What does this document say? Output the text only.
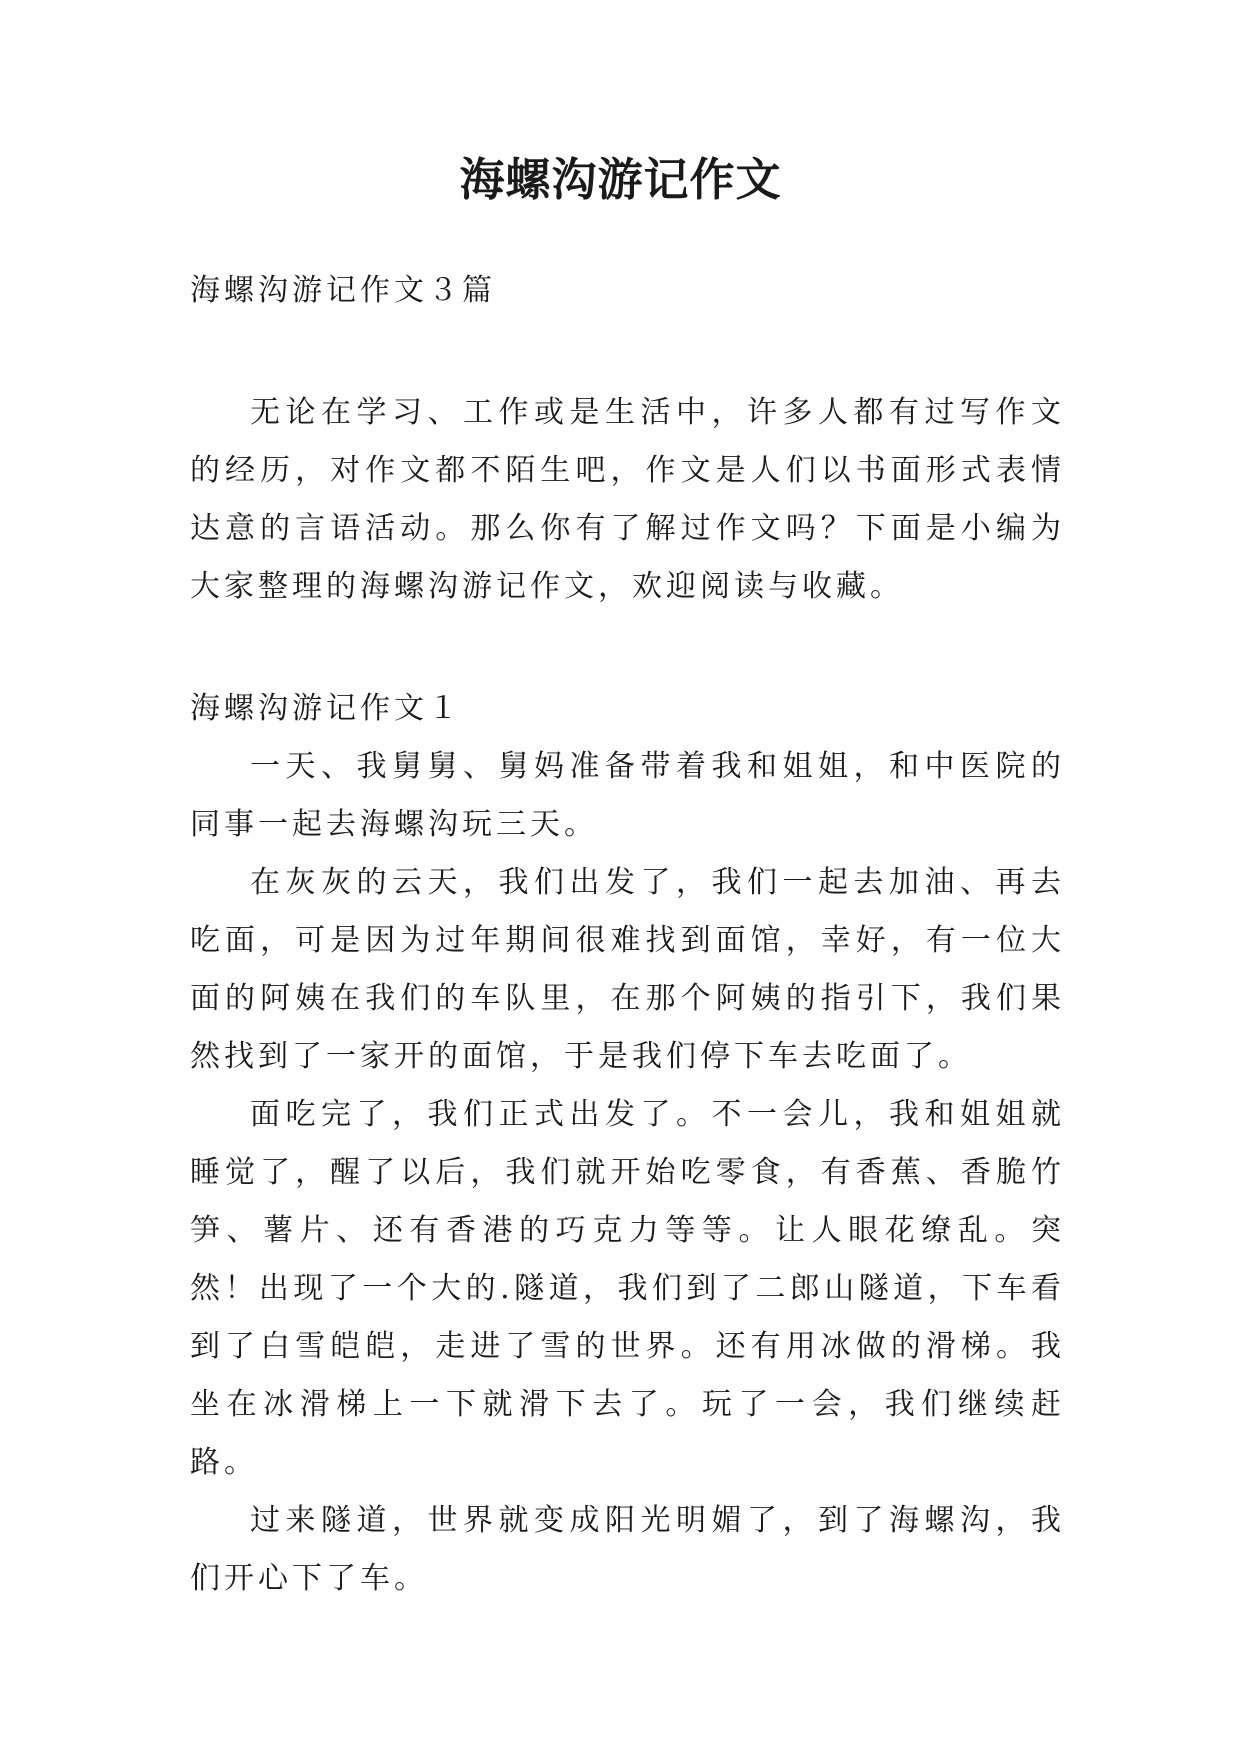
海螺沟游记作文

海螺沟游记作文３篇

无论在学习、工作或是生活中，许多人都有过写作文的经历，对作文都不陌生吧，作文是人们以书面形式表情达意的言语活动。那么你有了解过作文吗？下面是小编为大家整理的海螺沟游记作文，欢迎阅读与收藏。

海螺沟游记作文１

一天、我舅舅、舅妈准备带着我和姐姐，和中医院的同事一起去海螺沟玩三天。

在灰灰的云天，我们出发了，我们一起去加油、再去吃面，可是因为过年期间很难找到面馆，幸好，有一位大面的阿姨在我们的车队里，在那个阿姨的指引下，我们果然找到了一家开的面馆，于是我们停下车去吃面了。

面吃完了，我们正式出发了。不一会儿，我和姐姐就睡觉了，醒了以后，我们就开始吃零食，有香蕉、香脆竹笋、薯片、还有香港的巧克力等等。让人眼花缭乱。突然！出现了一个大的.隧道，我们到了二郎山隧道，下车看到了白雪皑皑，走进了雪的世界。还有用冰做的滑梯。我坐在冰滑梯上一下就滑下去了。玩了一会，我们继续赶路。

过来隧道，世界就变成阳光明媚了，到了海螺沟，我们开心下了车。
